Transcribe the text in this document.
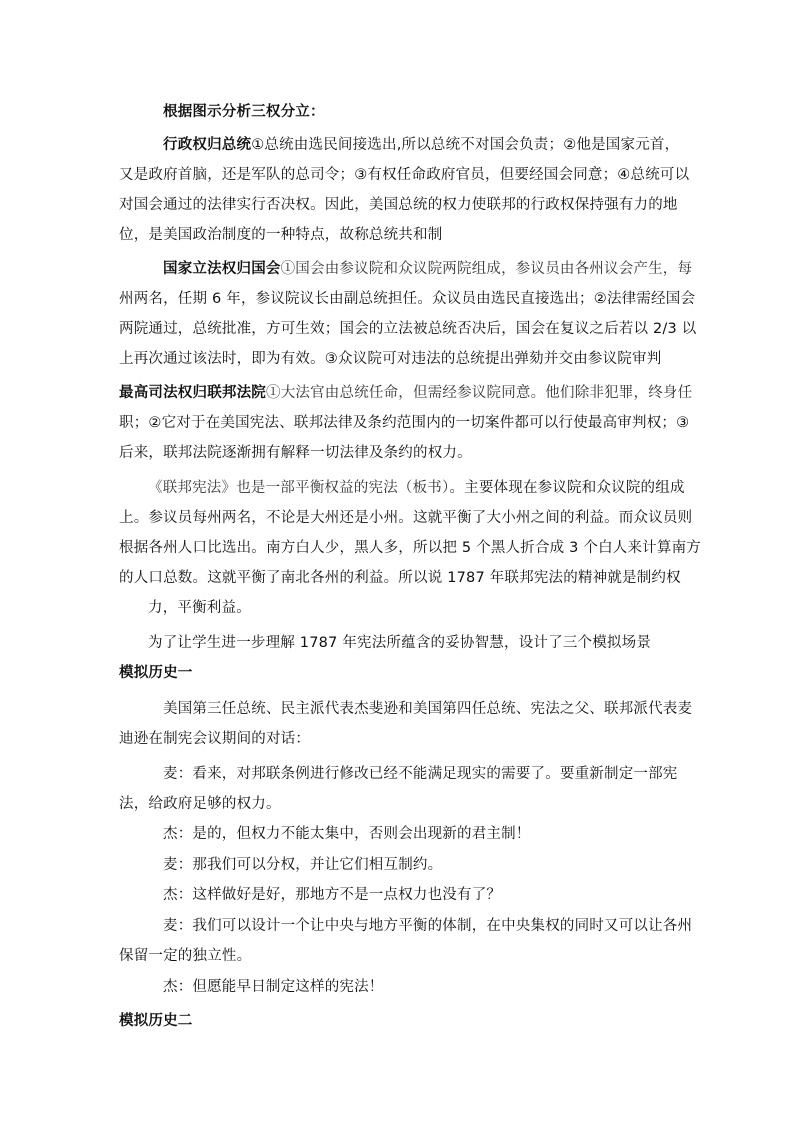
根据图示分析三权分立：
行政权归总统①总统由选民间接选出,所以总统不对国会负责；②他是国家元首，
又是政府首脑，还是军队的总司令；③有权任命政府官员，但要经国会同意；④总统可以
对国会通过的法律实行否决权。因此，美国总统的权力使联邦的行政权保持强有力的地
位，是美国政治制度的一种特点，故称总统共和制
国家立法权归国会①国会由参议院和众议院两院组成，参议员由各州议会产生，每
州两名，任期 6 年，参议院议长由副总统担任。众议员由选民直接选出；②法律需经国会
两院通过，总统批准，方可生效；国会的立法被总统否决后，国会在复议之后若以 2/3 以
上再次通过该法时，即为有效。③众议院可对违法的总统提出弹劾并交由参议院审判
最高司法权归联邦法院①大法官由总统任命，但需经参议院同意。他们除非犯罪，终身任
职；②它对于在美国宪法、联邦法律及条约范围内的一切案件都可以行使最高审判权；③
后来，联邦法院逐渐拥有解释一切法律及条约的权力。
《联邦宪法》也是一部平衡权益的宪法（板书）。主要体现在参议院和众议院的组成
上。参议员每州两名，不论是大州还是小州。这就平衡了大小州之间的利益。而众议员则
根据各州人口比选出。南方白人少，黑人多，所以把 5 个黑人折合成 3 个白人来计算南方
的人口总数。这就平衡了南北各州的利益。所以说 1787 年联邦宪法的精神就是制约权
力，平衡利益。
为了让学生进一步理解 1787 年宪法所蕴含的妥协智慧，设计了三个模拟场景
模拟历史一
美国第三任总统、民主派代表杰斐逊和美国第四任总统、宪法之父、联邦派代表麦
迪逊在制宪会议期间的对话：
麦：看来，对邦联条例进行修改已经不能满足现实的需要了。要重新制定一部宪
法，给政府足够的权力。
杰：是的，但权力不能太集中，否则会出现新的君主制！
麦：那我们可以分权，并让它们相互制约。
杰：这样做好是好，那地方不是一点权力也没有了？
麦：我们可以设计一个让中央与地方平衡的体制，在中央集权的同时又可以让各州
保留一定的独立性。
杰：但愿能早日制定这样的宪法！
模拟历史二
